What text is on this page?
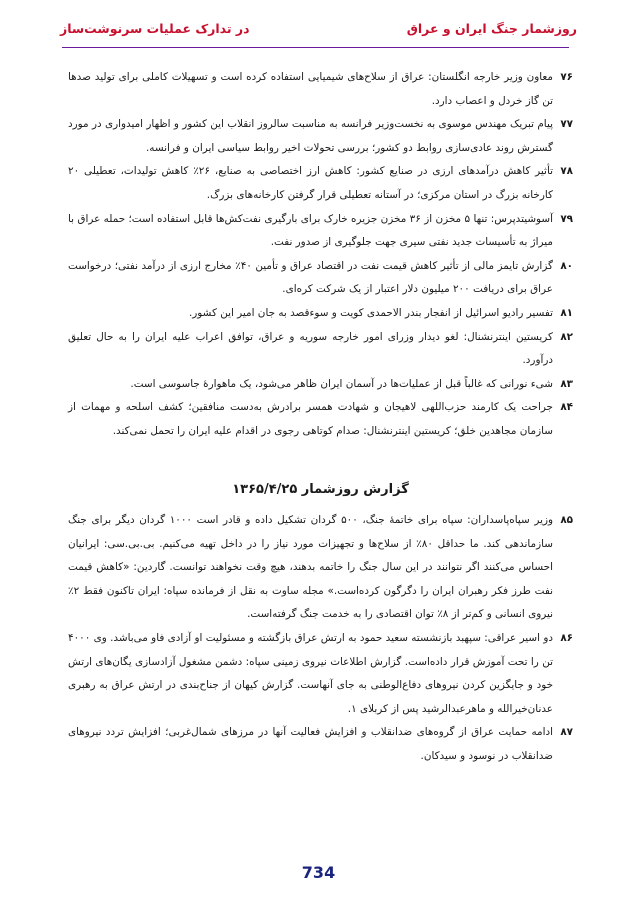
روزشمار جنگ ایران و عراق
در تدارک عملیات سرنوشت‌ساز
۷۶
معاون وزیر خارجه انگلستان: عراق از سلاح‌های شیمیایی استفاده کرده است و تسهیلات کاملی برای تولید صدها تن گاز خردل و اعصاب دارد.
۷۷
پیام تبریک مهندس موسوی به نخست‌وزیر فرانسه به مناسبت سالروز انقلاب این کشور و اظهار امیدواری در مورد گسترش روند عادی‌سازی روابط دو کشور؛ بررسی تحولات اخیر روابط سیاسی ایران و فرانسه.
۷۸
تأثیر کاهش درآمدهای ارزی در صنایع کشور: کاهش ارز اختصاصی به صنایع، ۲۶٪ کاهش تولیدات، تعطیلی ۲۰ کارخانه بزرگ در استان مرکزی؛ در آستانه تعطیلی قرار گرفتن کارخانه‌های بزرگ.
۷۹
آسوشیتدپرس: تنها ۵ مخزن از ۳۶ مخزن جزیره خارک برای بارگیری نفت‌کش‌ها قابل استفاده است؛ حمله عراق با میراژ به تأسیسات جدید نفتی سیری جهت جلوگیری از صدور نفت.
۸۰
گزارش تایمز مالی از تأثیر کاهش قیمت نفت در اقتصاد عراق و تأمین ۴۰٪ مخارج ارزی از درآمد نفتی؛ درخواست عراق برای دریافت ۲۰۰ میلیون دلار اعتبار از یک شرکت کره‌ای.
۸۱
تفسیر رادیو اسرائیل از انفجار بندر الاحمدی کویت و سوءقصد به جان امیر این کشور.
۸۲
کریستین اینترنشنال: لغو دیدار وزرای امور خارجه سوریه و عراق، توافق اعراب علیه ایران را به حال تعلیق درآورد.
۸۳
شیء نورانی که غالباً قبل از عملیات‌ها در آسمان ایران ظاهر می‌شود، یک ماهوارهٔ جاسوسی است.
۸۴
جراحت یک کارمند حزب‌اللهی لاهیجان و شهادت همسر برادرش به‌دست منافقین؛ کشف اسلحه و مهمات از سازمان مجاهدین خلق؛ کریستین اینترنشنال: صدام کوتاهی رجوی در اقدام علیه ایران را تحمل نمی‌کند.
گزارش روزشمار ۱۳۶۵/۴/۲۵
۸۵
وزیر سپاه‌پاسداران: سپاه برای خاتمهٔ جنگ، ۵۰۰ گردان تشکیل داده و قادر است ۱۰۰۰ گردان دیگر برای جنگ سازماندهی کند. ما حداقل ۸۰٪ از سلاح‌ها و تجهیزات مورد نیاز را در داخل تهیه می‌کنیم. بی.بی.سی: ایرانیان احساس می‌کنند اگر نتوانند در این سال جنگ را خاتمه بدهند، هیچ وقت نخواهند توانست. گاردین: «کاهش قیمت نفت طرز فکر رهبران ایران را دگرگون کرده‌است.» مجله ساوت به نقل از فرمانده سپاه: ایران تاکنون فقط ۲٪ نیروی انسانی و کم‌تر از ۸٪ توان اقتصادی را به خدمت جنگ گرفته‌است.
۸۶
دو اسیر عراقی: سپهبد بازنشسته سعید حمود به ارتش عراق بازگشته و مسئولیت او آزادی فاو می‌باشد. وی ۴۰۰۰ تن را تحت آموزش قرار داده‌است. گزارش اطلاعات نیروی زمینی سپاه: دشمن مشغول آزادسازی یگان‌های ارتش خود و جایگزین کردن نیروهای دفاع‌الوطنی به جای آنهاست. گزارش کیهان از جناح‌بندی در ارتش عراق به رهبری عدنان‌خیرالله و ماهرعبدالرشید پس از کربلای ۱.
۸۷
ادامه حمایت عراق از گروه‌های ضدانقلاب و افزایش فعالیت آنها در مرزهای شمال‌غربی؛ افزایش تردد نیروهای ضدانقلاب در نوسود و سیدکان.
734
